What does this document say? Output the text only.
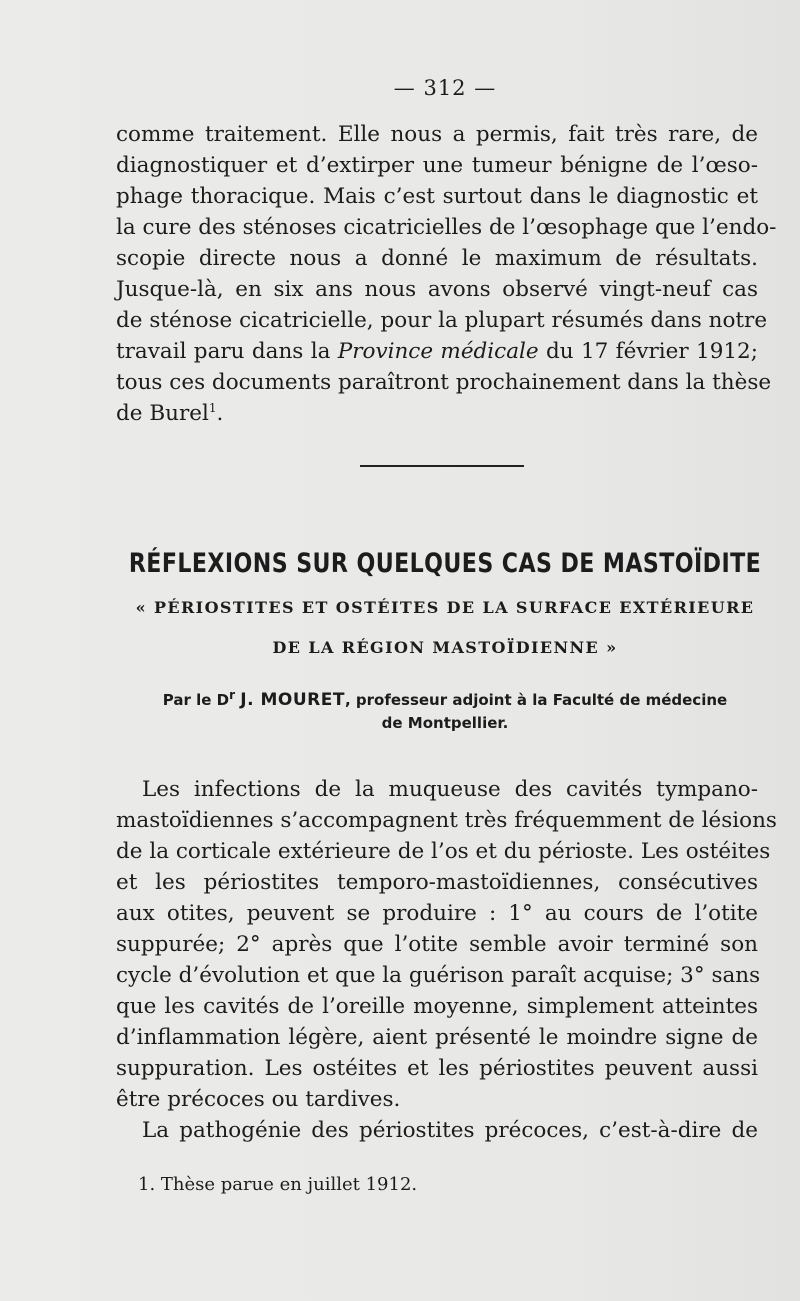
— 312 —
comme traitement. Elle nous a permis, fait très rare, de
diagnostiquer et d’extirper une tumeur bénigne de l’œso-
phage thoracique. Mais c’est surtout dans le diagnostic et
la cure des sténoses cicatricielles de l’œsophage que l’endo-
scopie directe nous a donné le maximum de résultats.
Jusque-là, en six ans nous avons observé vingt-neuf cas
de sténose cicatricielle, pour la plupart résumés dans notre
travail paru dans la Province médicale du 17 février 1912;
tous ces documents paraîtront prochainement dans la thèse
de Burel$^1$.
RÉFLEXIONS SUR QUELQUES CAS DE MASTOÏDITE
« PÉRIOSTITES ET OSTÉITES DE LA SURFACE EXTÉRIEURE
DE LA RÉGION MASTOÏDIENNE »
Par le $D^r$ J. MOURET, professeur adjoint à la Faculté de médecine
de Montpellier.
Les infections de la muqueuse des cavités tympano-
mastoïdiennes s’accompagnent très fréquemment de lésions
de la corticale extérieure de l’os et du périoste. Les ostéites
et les périostites temporo-mastoïdiennes, consécutives
aux otites, peuvent se produire : 1° au cours de l’otite
suppurée; 2° après que l’otite semble avoir terminé son
cycle d’évolution et que la guérison paraît acquise; 3° sans
que les cavités de l’oreille moyenne, simplement atteintes
d’inflammation légère, aient présenté le moindre signe de
suppuration. Les ostéites et les périostites peuvent aussi
être précoces ou tardives.
La pathogénie des périostites précoces, c’est-à-dire de
1. Thèse parue en juillet 1912.
